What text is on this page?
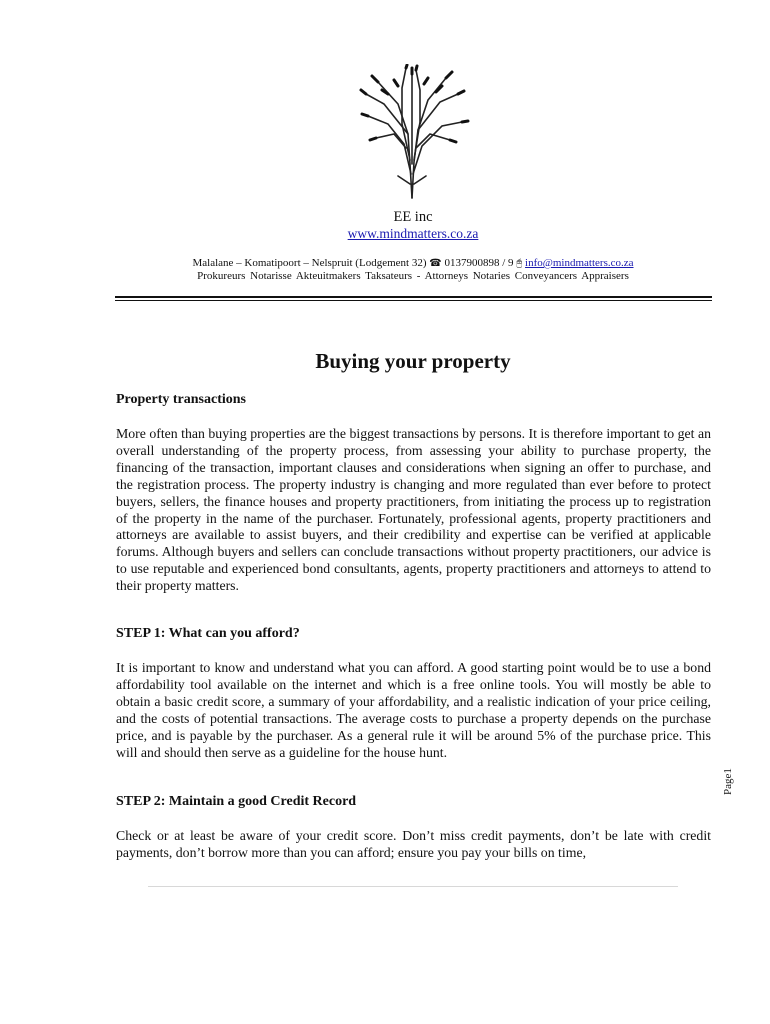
EE inc
www.mindmatters.co.za
Malalane – Komatipoort – Nelspruit (Lodgement 32) ☎ 0137900898 / 9 🖰 info@mindmatters.co.za
Prokureurs Notarisse Akteuitmakers Taksateurs - Attorneys Notaries Conveyancers Appraisers
Buying your property
Property transactions

More often than buying properties are the biggest transactions by persons. It is therefore important to get an overall understanding of the property process, from assessing your ability to purchase property, the financing of the transaction, important clauses and considerations when signing an offer to purchase, and the registration process. The property industry is changing and more regulated than ever before to protect buyers, sellers, the finance houses and property practitioners, from initiating the process up to registration of the property in the name of the purchaser. Fortunately, professional agents, property practitioners and attorneys are available to assist buyers, and their credibility and expertise can be verified at applicable forums. Although buyers and sellers can conclude transactions without property practitioners, our advice is to use reputable and experienced bond consultants, agents, property practitioners and attorneys to attend to their property matters.

STEP 1: What can you afford?

It is important to know and understand what you can afford. A good starting point would be to use a bond affordability tool available on the internet and which is a free online tools. You will mostly be able to obtain a basic credit score, a summary of your affordability, and a realistic indication of your price ceiling, and the costs of potential transactions. The average costs to purchase a property depends on the purchase price, and is payable by the purchaser. As a general rule it will be around 5% of the purchase price. This will and should then serve as a guideline for the house hunt.

STEP 2: Maintain a good Credit Record

Check or at least be aware of your credit score. Don’t miss credit payments, don’t be late with credit payments, don’t borrow more than you can afford; ensure you pay your bills on time,

Page1
